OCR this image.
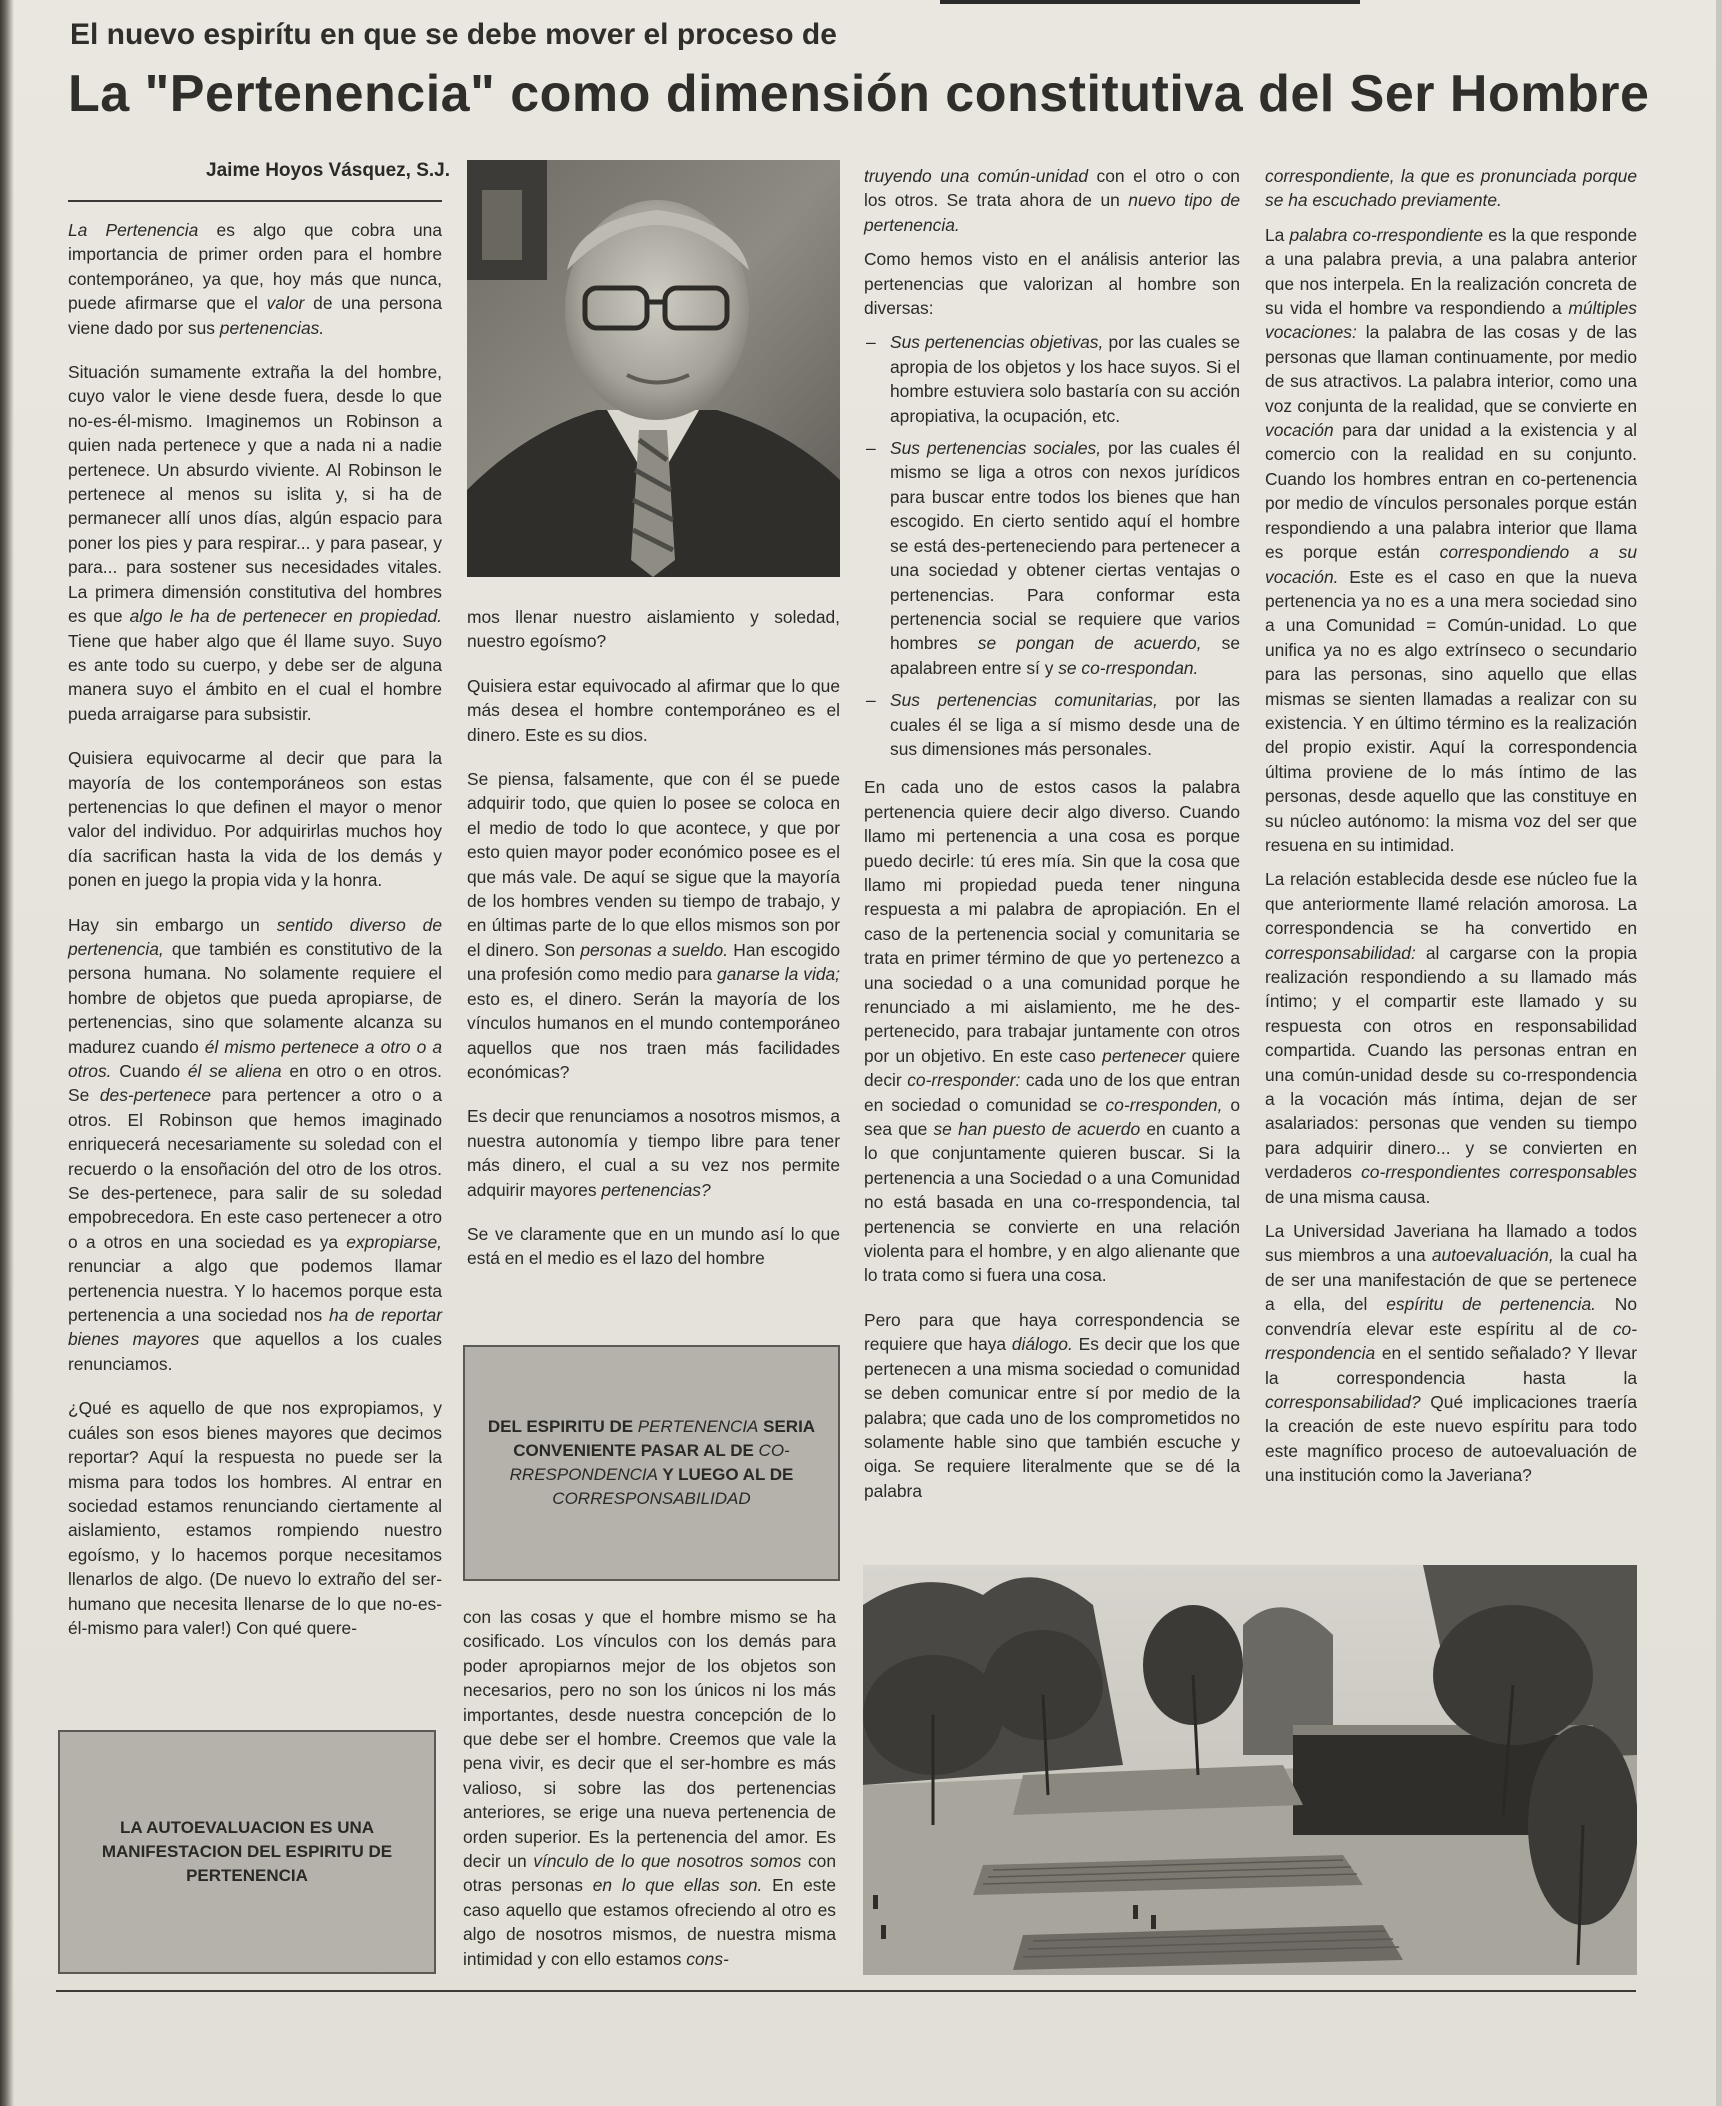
El nuevo espirítu en que se debe mover el proceso de
La "Pertenencia" como dimensión constitutiva del Ser Hombre
Jaime Hoyos Vásquez, S.J.

La Pertenencia es algo que cobra una importancia de primer orden para el hombre contemporáneo, ya que, hoy más que nunca, puede afirmarse que el valor de una persona viene dado por sus pertenencias.

Situación sumamente extraña la del hombre, cuyo valor le viene desde fuera, desde lo que no-es-él-mismo. Imaginemos un Robinson a quien nada pertenece y que a nada ni a nadie pertenece. Un absurdo viviente. Al Robinson le pertenece al menos su islita y, si ha de permanecer allí unos días, algún espacio para poner los pies y para respirar... y para pasear, y para... para sostener sus necesidades vitales. La primera dimensión constitutiva del hombres es que algo le ha de pertenecer en propiedad. Tiene que haber algo que él llame suyo. Suyo es ante todo su cuerpo, y debe ser de alguna manera suyo el ámbito en el cual el hombre pueda arraigarse para subsistir.

Quisiera equivocarme al decir que para la mayoría de los contemporáneos son estas pertenencias lo que definen el mayor o menor valor del individuo. Por adquirirlas muchos hoy día sacrifican hasta la vida de los demás y ponen en juego la propia vida y la honra.

Hay sin embargo un sentido diverso de pertenencia, que también es constitutivo de la persona humana. No solamente requiere el hombre de objetos que pueda apropiarse, de pertenencias, sino que solamente alcanza su madurez cuando él mismo pertenece a otro o a otros. Cuando él se aliena en otro o en otros. Se des-pertenece para pertencer a otro o a otros. El Robinson que hemos imaginado enriquecerá necesariamente su soledad con el recuerdo o la ensoñación del otro de los otros. Se des-pertenece, para salir de su soledad empobrecedora. En este caso pertenecer a otro o a otros en una sociedad es ya expropiarse, renunciar a algo que podemos llamar pertenencia nuestra. Y lo hacemos porque esta pertenencia a una sociedad nos ha de reportar bienes mayores que aquellos a los cuales renunciamos.

¿Qué es aquello de que nos expropiamos, y cuáles son esos bienes mayores que decimos reportar? Aquí la respuesta no puede ser la misma para todos los hombres. Al entrar en sociedad estamos renunciando ciertamente al aislamiento, estamos rompiendo nuestro egoísmo, y lo hacemos porque necesitamos llenarlos de algo. (De nuevo lo extraño del ser-humano que necesita llenarse de lo que no-es-él-mismo para valer!) Con qué quere-

LA AUTOEVALUACION ES UNA MANIFESTACION DEL ESPIRITU DE PERTENENCIA

mos llenar nuestro aislamiento y soledad, nuestro egoísmo?

Quisiera estar equivocado al afirmar que lo que más desea el hombre contemporáneo es el dinero. Este es su dios.

Se piensa, falsamente, que con él se puede adquirir todo, que quien lo posee se coloca en el medio de todo lo que acontece, y que por esto quien mayor poder económico posee es el que más vale. De aquí se sigue que la mayoría de los hombres venden su tiempo de trabajo, y en últimas parte de lo que ellos mismos son por el dinero. Son personas a sueldo. Han escogido una profesión como medio para ganarse la vida; esto es, el dinero. Serán la mayoría de los vínculos humanos en el mundo contemporáneo aquellos que nos traen más facilidades económicas?

Es decir que renunciamos a nosotros mismos, a nuestra autonomía y tiempo libre para tener más dinero, el cual a su vez nos permite adquirir mayores pertenencias?

Se ve claramente que en un mundo así lo que está en el medio es el lazo del hombre

DEL ESPIRITU DE PERTENENCIA SERIA CONVENIENTE PASAR AL DE CO-RRESPONDENCIA Y LUEGO AL DE CORRESPONSABILIDAD

con las cosas y que el hombre mismo se ha cosificado. Los vínculos con los demás para poder apropiarnos mejor de los objetos son necesarios, pero no son los únicos ni los más importantes, desde nuestra concepción de lo que debe ser el hombre. Creemos que vale la pena vivir, es decir que el ser-hombre es más valioso, si sobre las dos pertenencias anteriores, se erige una nueva pertenencia de orden superior. Es la pertenencia del amor. Es decir un vínculo de lo que nosotros somos con otras personas en lo que ellas son. En este caso aquello que estamos ofreciendo al otro es algo de nosotros mismos, de nuestra misma intimidad y con ello estamos cons-

truyendo una común-unidad con el otro o con los otros. Se trata ahora de un nuevo tipo de pertenencia.

Como hemos visto en el análisis anterior las pertenencias que valorizan al hombre son diversas:

– Sus pertenencias objetivas, por las cuales se apropia de los objetos y los hace suyos. Si el hombre estuviera solo bastaría con su acción apropiativa, la ocupación, etc.
– Sus pertenencias sociales, por las cuales él mismo se liga a otros con nexos jurídicos para buscar entre todos los bienes que han escogido. En cierto sentido aquí el hombre se está des-perteneciendo para pertenecer a una sociedad y obtener ciertas ventajas o pertenencias. Para conformar esta pertenencia social se requiere que varios hombres se pongan de acuerdo, se apalabreen entre sí y se co-rrespondan.
– Sus pertenencias comunitarias, por las cuales él se liga a sí mismo desde una de sus dimensiones más personales.

En cada uno de estos casos la palabra pertenencia quiere decir algo diverso. Cuando llamo mi pertenencia a una cosa es porque puedo decirle: tú eres mía. Sin que la cosa que llamo mi propiedad pueda tener ninguna respuesta a mi palabra de apropiación. En el caso de la pertenencia social y comunitaria se trata en primer término de que yo pertenezco a una sociedad o a una comunidad porque he renunciado a mi aislamiento, me he des-pertenecido, para trabajar juntamente con otros por un objetivo. En este caso pertenecer quiere decir co-rresponder: cada uno de los que entran en sociedad o comunidad se co-rresponden, o sea que se han puesto de acuerdo en cuanto a lo que conjuntamente quieren buscar. Si la pertenencia a una Sociedad o a una Comunidad no está basada en una co-rrespondencia, tal pertenencia se convierte en una relación violenta para el hombre, y en algo alienante que lo trata como si fuera una cosa.

Pero para que haya correspondencia se requiere que haya diálogo. Es decir que los que pertenecen a una misma sociedad o comunidad se deben comunicar entre sí por medio de la palabra; que cada uno de los comprometidos no solamente hable sino que también escuche y oiga. Se requiere literalmente que se dé la palabra

correspondiente, la que es pronunciada porque se ha escuchado previamente.

La palabra co-rrespondiente es la que responde a una palabra previa, a una palabra anterior que nos interpela. En la realización concreta de su vida el hombre va respondiendo a múltiples vocaciones: la palabra de las cosas y de las personas que llaman continuamente, por medio de sus atractivos. La palabra interior, como una voz conjunta de la realidad, que se convierte en vocación para dar unidad a la existencia y al comercio con la realidad en su conjunto. Cuando los hombres entran en co-pertenencia por medio de vínculos personales porque están respondiendo a una palabra interior que llama es porque están correspondiendo a su vocación. Este es el caso en que la nueva pertenencia ya no es a una mera sociedad sino a una Comunidad = Común-unidad. Lo que unifica ya no es algo extrínseco o secundario para las personas, sino aquello que ellas mismas se sienten llamadas a realizar con su existencia. Y en último término es la realización del propio existir. Aquí la correspondencia última proviene de lo más íntimo de las personas, desde aquello que las constituye en su núcleo autónomo: la misma voz del ser que resuena en su intimidad.

La relación establecida desde ese núcleo fue la que anteriormente llamé relación amorosa. La correspondencia se ha convertido en corresponsabilidad: al cargarse con la propia realización respondiendo a su llamado más íntimo; y el compartir este llamado y su respuesta con otros en responsabilidad compartida. Cuando las personas entran en una común-unidad desde su co-rrespondencia a la vocación más íntima, dejan de ser asalariados: personas que venden su tiempo para adquirir dinero... y se convierten en verdaderos co-rrespondientes corresponsables de una misma causa.

La Universidad Javeriana ha llamado a todos sus miembros a una autoevaluación, la cual ha de ser una manifestación de que se pertenece a ella, del espíritu de pertenencia. No convendría elevar este espíritu al de co-rrespondencia en el sentido señalado? Y llevar la correspondencia hasta la corresponsabilidad? Qué implicaciones traería la creación de este nuevo espíritu para todo este magnífico proceso de autoevaluación de una institución como la Javeriana?
